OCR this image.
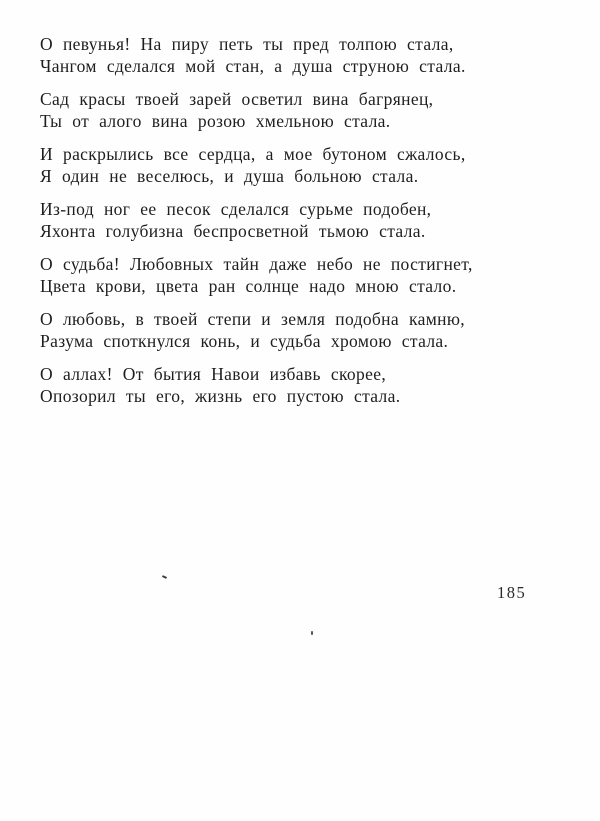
О певунья! На пиру петь ты пред толпою стала,
Чангом сделался мой стан, а душа струною стала.
Сад красы твоей зарей осветил вина багрянец,
Ты от алого вина розою хмельною стала.
И раскрылись все сердца, а мое бутоном сжалось,
Я один не веселюсь, и душа больною стала.
Из-под ног ее песок сделался сурьме подобен,
Яхонта голубизна беспросветной тьмою стала.
О судьба! Любовных тайн даже небо не постигнет,
Цвета крови, цвета ран солнце надо мною стало.
О любовь, в твоей степи и земля подобна камню,
Разума споткнулся конь, и судьба хромою стала.
О аллах! От бытия Навои избавь скорее,
Опозорил ты его, жизнь его пустою стала.
185
